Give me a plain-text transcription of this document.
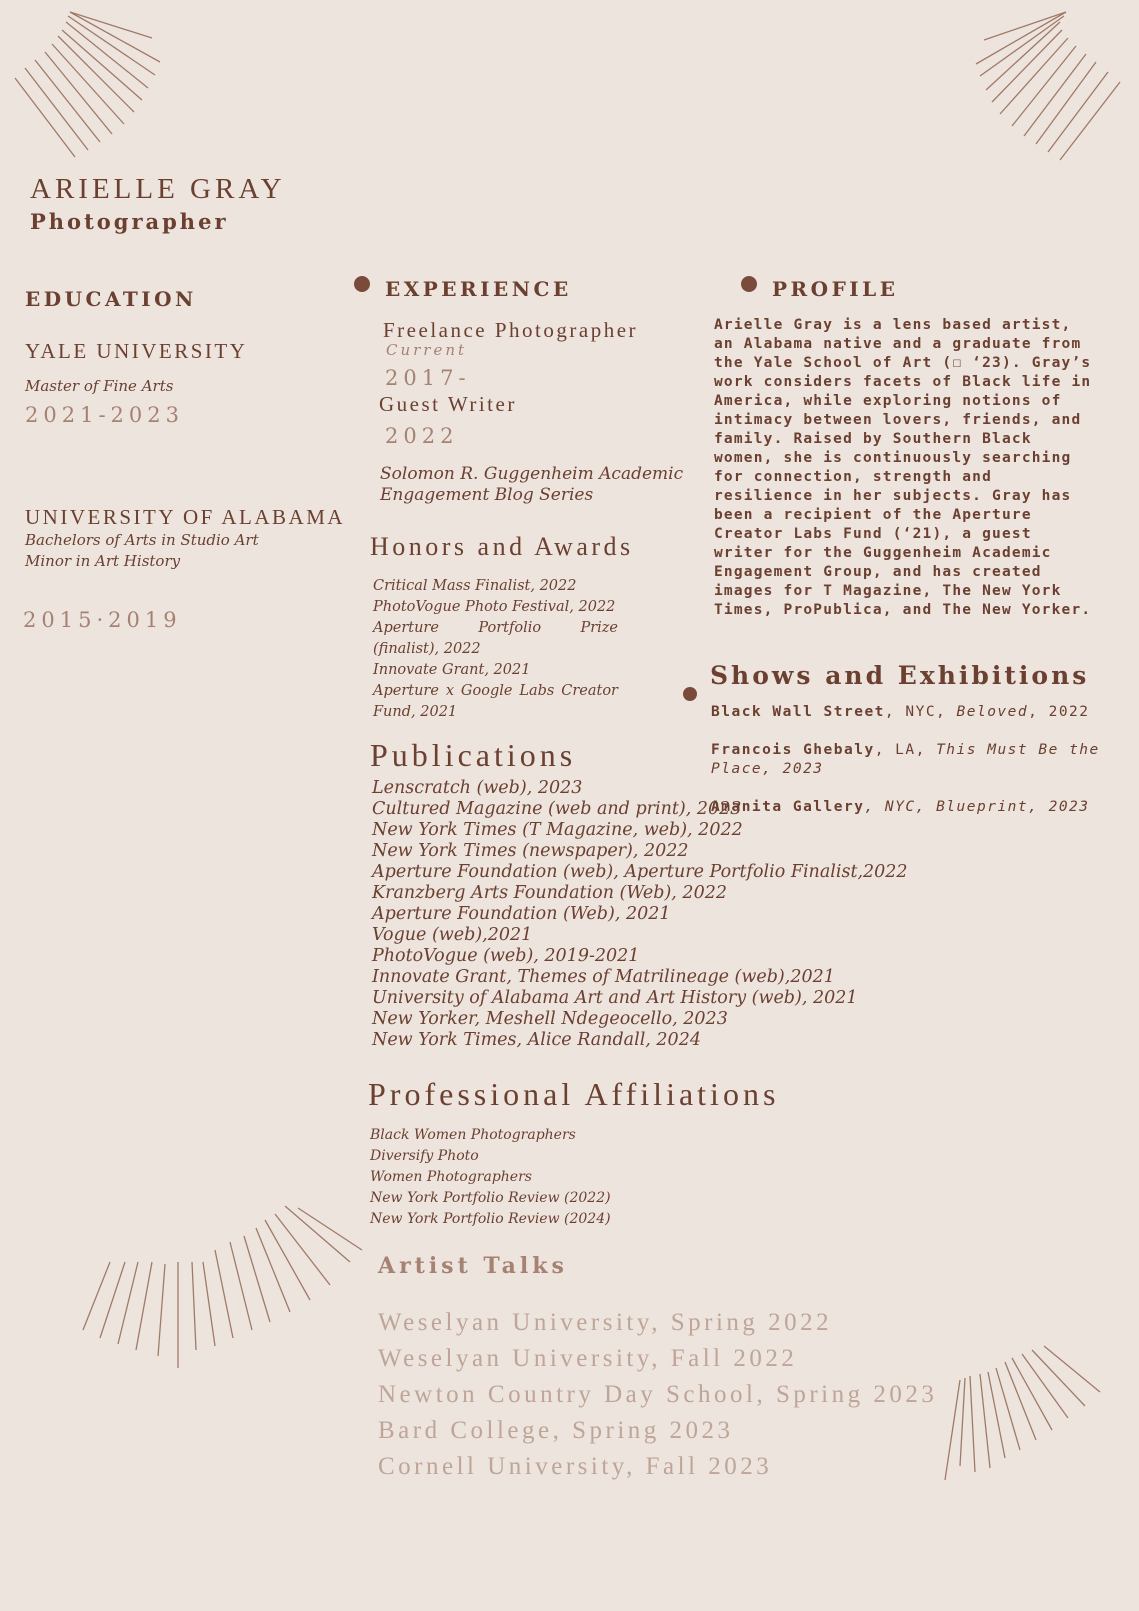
ARIELLE GRAY
Photographer
EDUCATION
YALE UNIVERSITY
Master of Fine Arts
2021-2023
UNIVERSITY OF ALABAMA
Bachelors of Arts in Studio Art
Minor in Art History
2015·2019
EXPERIENCE
Freelance Photographer
Current
2017-
Guest Writer
2022
Solomon R. Guggenheim Academic
Engagement Blog Series
Honors and Awards
Critical Mass Finalist, 2022
PhotoVogue Photo Festival, 2022
Aperture Portfolio Prize (finalist), 2022
Innovate Grant, 2021
Aperture x Google Labs Creator Fund, 2021
Publications
Lenscratch (web), 2023
Cultured Magazine (web and print), 2023
New York Times (T Magazine, web), 2022
New York Times (newspaper), 2022
Aperture Foundation (web), Aperture Portfolio Finalist,2022
Kranzberg Arts Foundation (Web), 2022
Aperture Foundation (Web), 2021
Vogue (web),2021
PhotoVogue (web), 2019-2021
Innovate Grant, Themes of Matrilineage (web),2021
University of Alabama Art and Art History (web), 2021
New Yorker, Meshell Ndegeocello, 2023
New York Times, Alice Randall, 2024
Professional Affiliations
Black Women Photographers
Diversify Photo
Women Photographers
New York Portfolio Review (2022)
New York Portfolio Review (2024)
Artist Talks
Weselyan University, Spring 2022
Weselyan University, Fall 2022
Newton Country Day School, Spring 2023
Bard College, Spring 2023
Cornell University, Fall 2023
PROFILE
Arielle Gray is a lens based artist, an Alabama native and a graduate from the Yale School of Art (☐ ‘23). Gray’s work considers facets of Black life in America, while exploring notions of intimacy between lovers, friends, and family. Raised by Southern Black women, she is continuously searching for connection, strength and resilience in her subjects. Gray has been a recipient of the Aperture Creator Labs Fund (‘21), a guest writer for the Guggenheim Academic Engagement Group, and has created images for T Magazine, The New York Times, ProPublica, and The New Yorker.
Shows and Exhibitions
Black Wall Street, NYC, Beloved, 2022
Francois Ghebaly, LA, This Must Be the Place, 2023
Amanita Gallery, NYC, Blueprint, 2023
